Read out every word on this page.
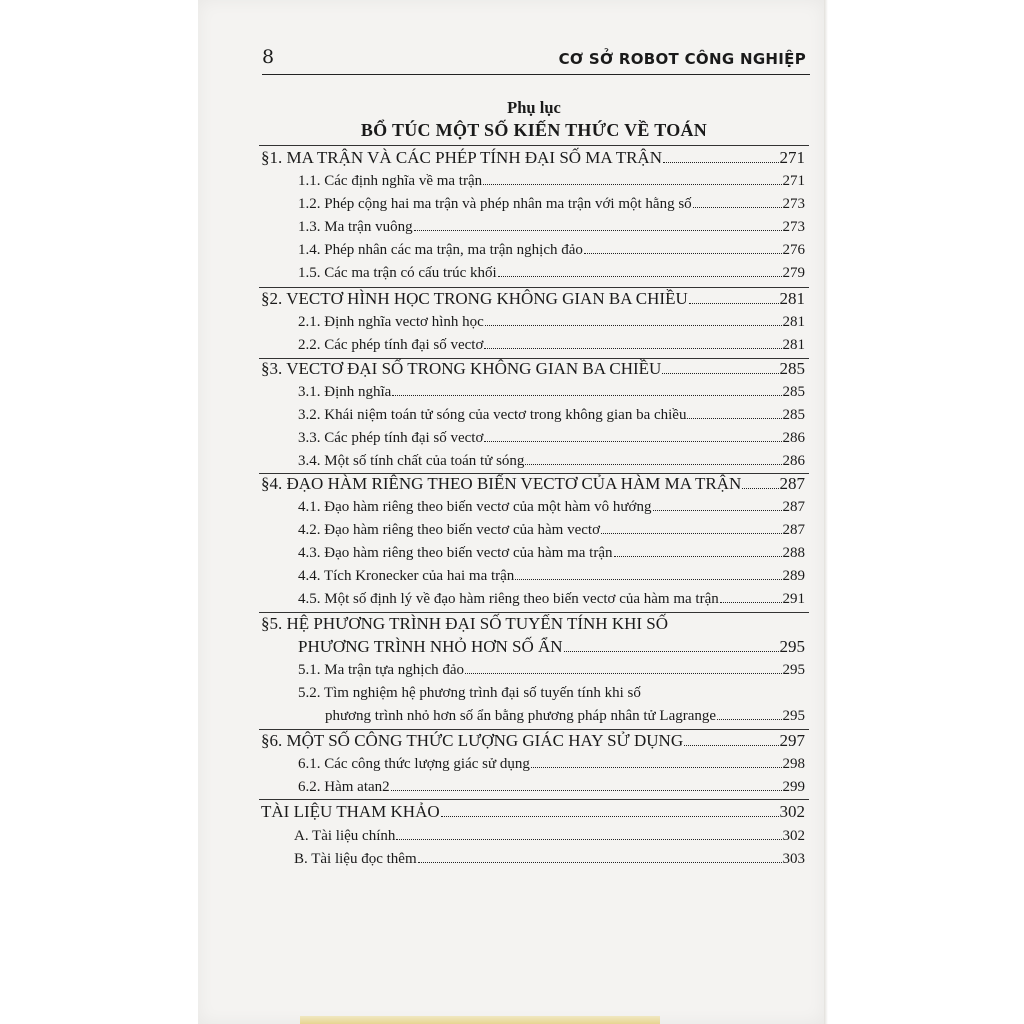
8	CƠ SỞ ROBOT CÔNG NGHIỆP
Phụ lục
BỔ TÚC MỘT SỐ KIẾN THỨC VỀ TOÁN
§1. MA TRẬN VÀ CÁC PHÉP TÍNH ĐẠI SỐ MA TRẬN	271
1.1. Các định nghĩa về ma trận	271
1.2. Phép cộng hai ma trận và phép nhân ma trận với một hằng số	273
1.3. Ma trận vuông	273
1.4. Phép nhân các ma trận, ma trận nghịch đảo	276
1.5. Các ma trận có cấu trúc khối	279
§2. VECTƠ HÌNH HỌC TRONG KHÔNG GIAN BA CHIỀU	281
2.1. Định nghĩa vectơ hình học	281
2.2. Các phép tính đại số vectơ	281
§3. VECTƠ ĐẠI SỐ TRONG KHÔNG GIAN BA CHIỀU	285
3.1. Định nghĩa	285
3.2. Khái niệm toán tử sóng của vectơ trong không gian ba chiều	285
3.3. Các phép tính đại số vectơ	286
3.4. Một số tính chất của toán tử sóng	286
§4. ĐẠO HÀM RIÊNG THEO BIẾN VECTƠ CỦA HÀM MA TRẬN 287
4.1. Đạo hàm riêng theo biến vectơ của một hàm vô hướng	287
4.2. Đạo hàm riêng theo biến vectơ của hàm vectơ	287
4.3. Đạo hàm riêng theo biến vectơ của hàm ma trận	288
4.4. Tích Kronecker của hai ma trận	289
4.5. Một số định lý về đạo hàm riêng theo biến vectơ của hàm ma trận	291
§5. HỆ PHƯƠNG TRÌNH ĐẠI SỐ TUYẾN TÍNH KHI SỐ
PHƯƠNG TRÌNH NHỎ HƠN SỐ ẨN	295
5.1. Ma trận tựa nghịch đảo	295
5.2. Tìm nghiệm hệ phương trình đại số tuyến tính khi số
phương trình nhỏ hơn số ẩn bằng phương pháp nhân tử Lagrange	295
§6. MỘT SỐ CÔNG THỨC LƯỢNG GIÁC HAY SỬ DỤNG	297
6.1. Các công thức lượng giác sử dụng	298
6.2. Hàm atan2	299
TÀI LIỆU THAM KHẢO	302
A. Tài liệu chính	302
B. Tài liệu đọc thêm	303
